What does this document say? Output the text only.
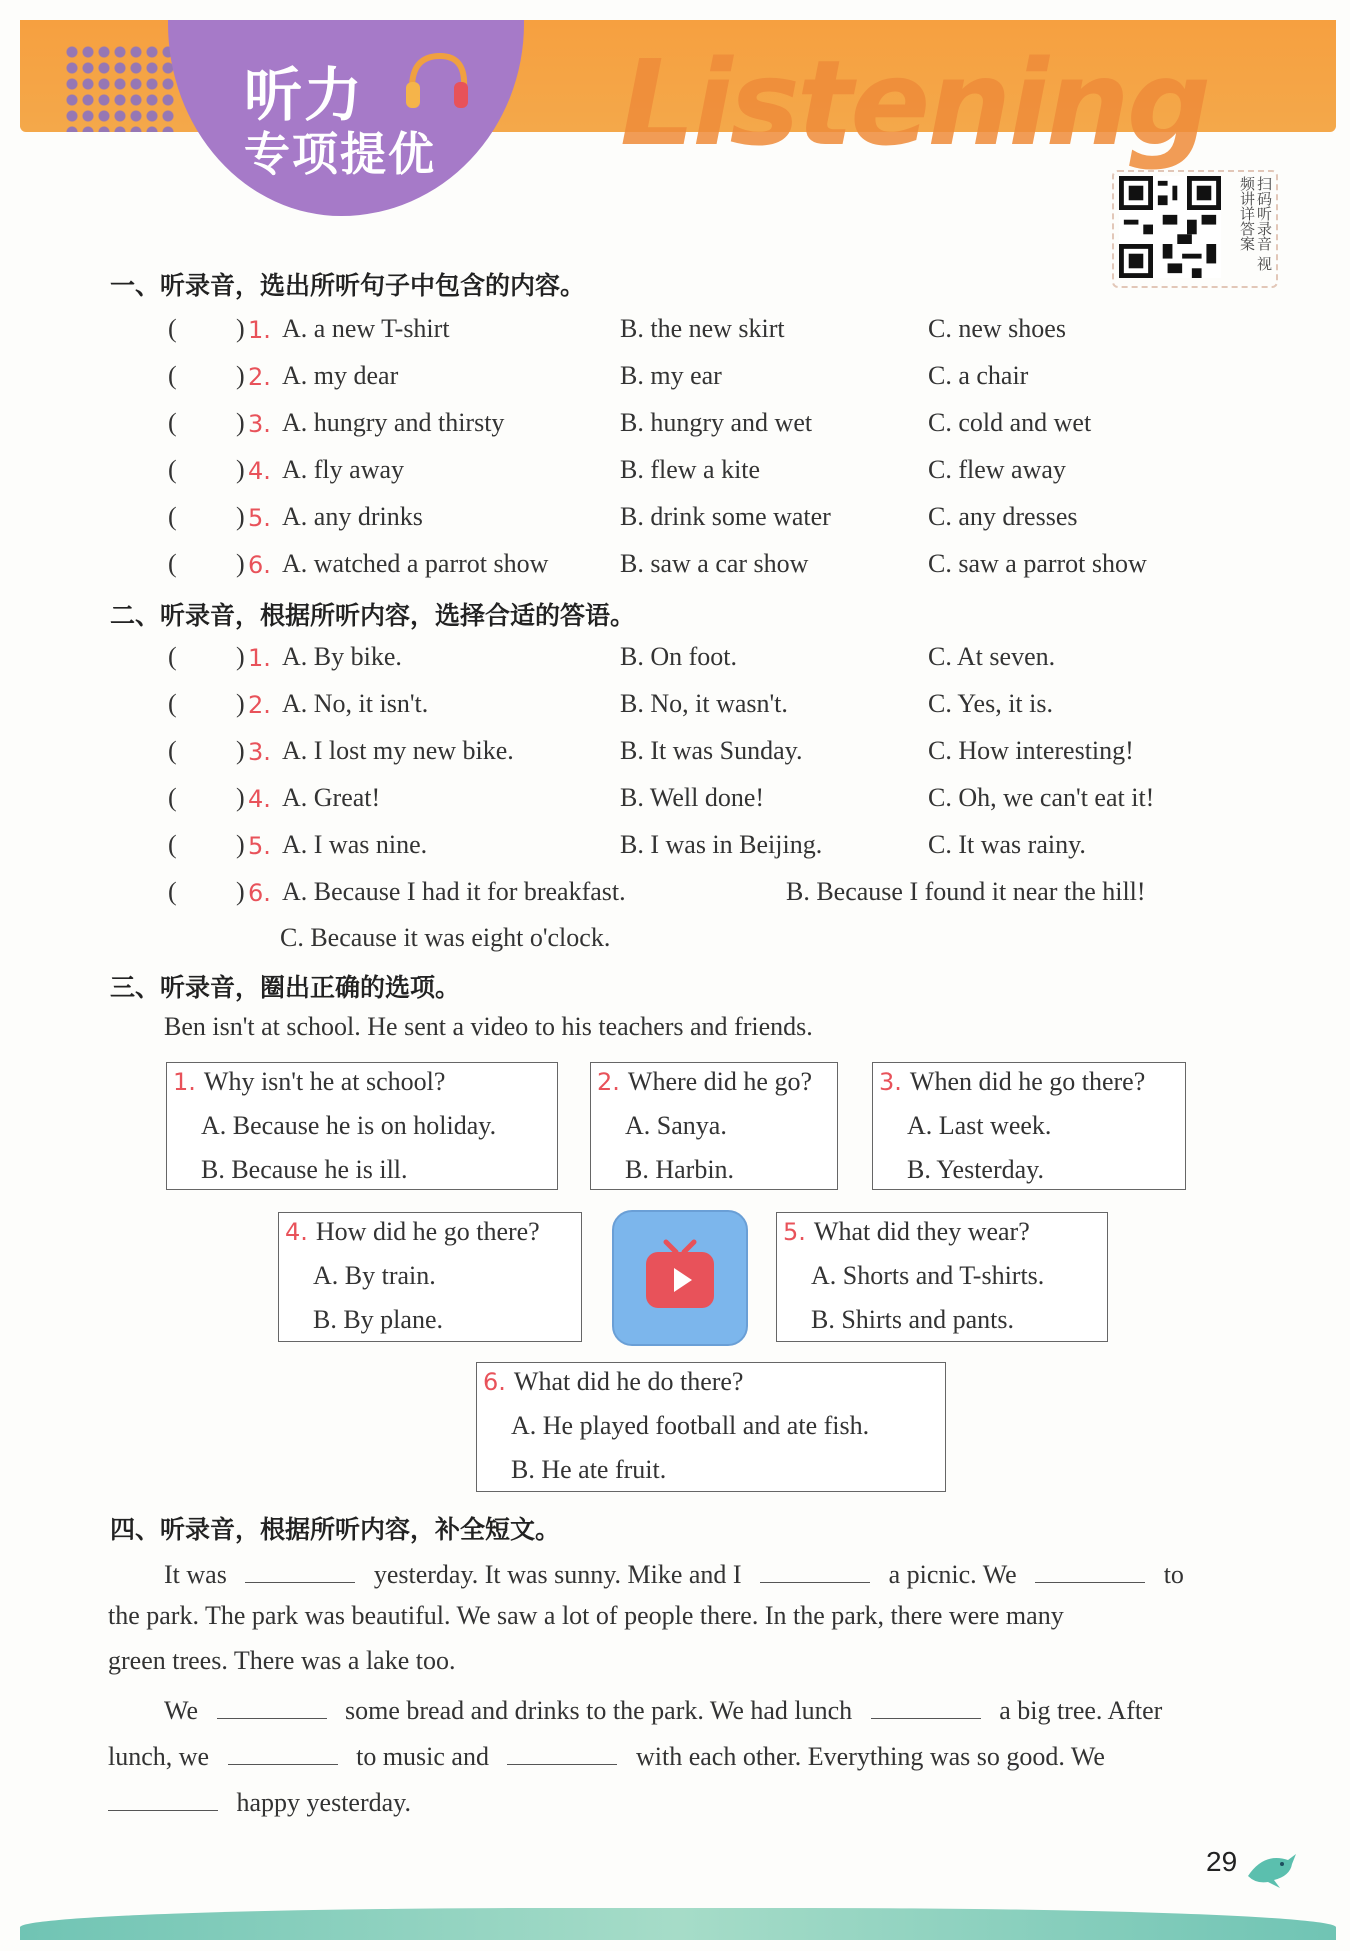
Listening
听力
专项提优
扫码听录音 视频讲详答案
一、听录音，选出所听句子中包含的内容。
( ) 1. A. a new T-shirt	B. the new skirt	C. new shoes
( ) 2. A. my dear	B. my ear	C. a chair
( ) 3. A. hungry and thirsty	B. hungry and wet	C. cold and wet
( ) 4. A. fly away	B. flew a kite	C. flew away
( ) 5. A. any drinks	B. drink some water	C. any dresses
( ) 6. A. watched a parrot show	B. saw a car show	C. saw a parrot show
二、听录音，根据所听内容，选择合适的答语。
( ) 1. A. By bike.	B. On foot.	C. At seven.
( ) 2. A. No, it isn't.	B. No, it wasn't.	C. Yes, it is.
( ) 3. A. I lost my new bike.	B. It was Sunday.	C. How interesting!
( ) 4. A. Great!	B. Well done!	C. Oh, we can't eat it!
( ) 5. A. I was nine.	B. I was in Beijing.	C. It was rainy.
( ) 6. A. Because I had it for breakfast.	B. Because I found it near the hill!
C. Because it was eight o'clock.
三、听录音，圈出正确的选项。
Ben isn't at school. He sent a video to his teachers and friends.
1. Why isn't he at school?
A. Because he is on holiday.
B. Because he is ill.
2. Where did he go?
A. Sanya.
B. Harbin.
3. When did he go there?
A. Last week.
B. Yesterday.
4. How did he go there?
A. By train.
B. By plane.
5. What did they wear?
A. Shorts and T-shirts.
B. Shirts and pants.
6. What did he do there?
A. He played football and ate fish.
B. He ate fruit.
四、听录音，根据所听内容，补全短文。
It was	yesterday. It was sunny. Mike and I	a picnic. We	to
the park. The park was beautiful. We saw a lot of people there. In the park, there were many
green trees. There was a lake too.
We	some bread and drinks to the park. We had lunch	a big tree. After
lunch, we	to music and	with each other. Everything was so good. We
happy yesterday.
29
